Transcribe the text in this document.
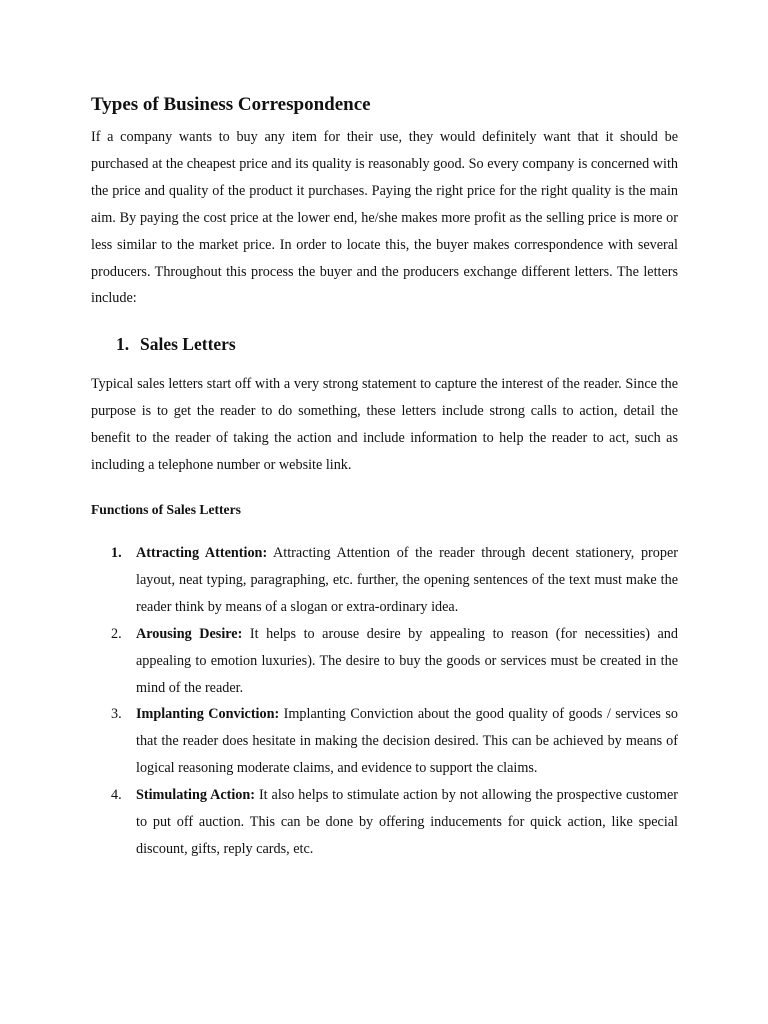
Types of Business Correspondence

If a company wants to buy any item for their use, they would definitely want that it should be purchased at the cheapest price and its quality is reasonably good. So every company is concerned with the price and quality of the product it purchases. Paying the right price for the right quality is the main aim. By paying the cost price at the lower end, he/she makes more profit as the selling price is more or less similar to the market price. In order to locate this, the buyer makes correspondence with several producers. Throughout this process the buyer and the producers exchange different letters. The letters include:

1. Sales Letters

Typical sales letters start off with a very strong statement to capture the interest of the reader. Since the purpose is to get the reader to do something, these letters include strong calls to action, detail the benefit to the reader of taking the action and include information to help the reader to act, such as including a telephone number or website link.

Functions of Sales Letters
1. Attracting Attention: Attracting Attention of the reader through decent stationery, proper layout, neat typing, paragraphing, etc. further, the opening sentences of the text must make the reader think by means of a slogan or extra-ordinary idea.
2. Arousing Desire: It helps to arouse desire by appealing to reason (for necessities) and appealing to emotion luxuries). The desire to buy the goods or services must be created in the mind of the reader.
3. Implanting Conviction: Implanting Conviction about the good quality of goods / services so that the reader does hesitate in making the decision desired. This can be achieved by means of logical reasoning moderate claims, and evidence to support the claims.
4. Stimulating Action: It also helps to stimulate action by not allowing the prospective customer to put off auction. This can be done by offering inducements for quick action, like special discount, gifts, reply cards, etc.
